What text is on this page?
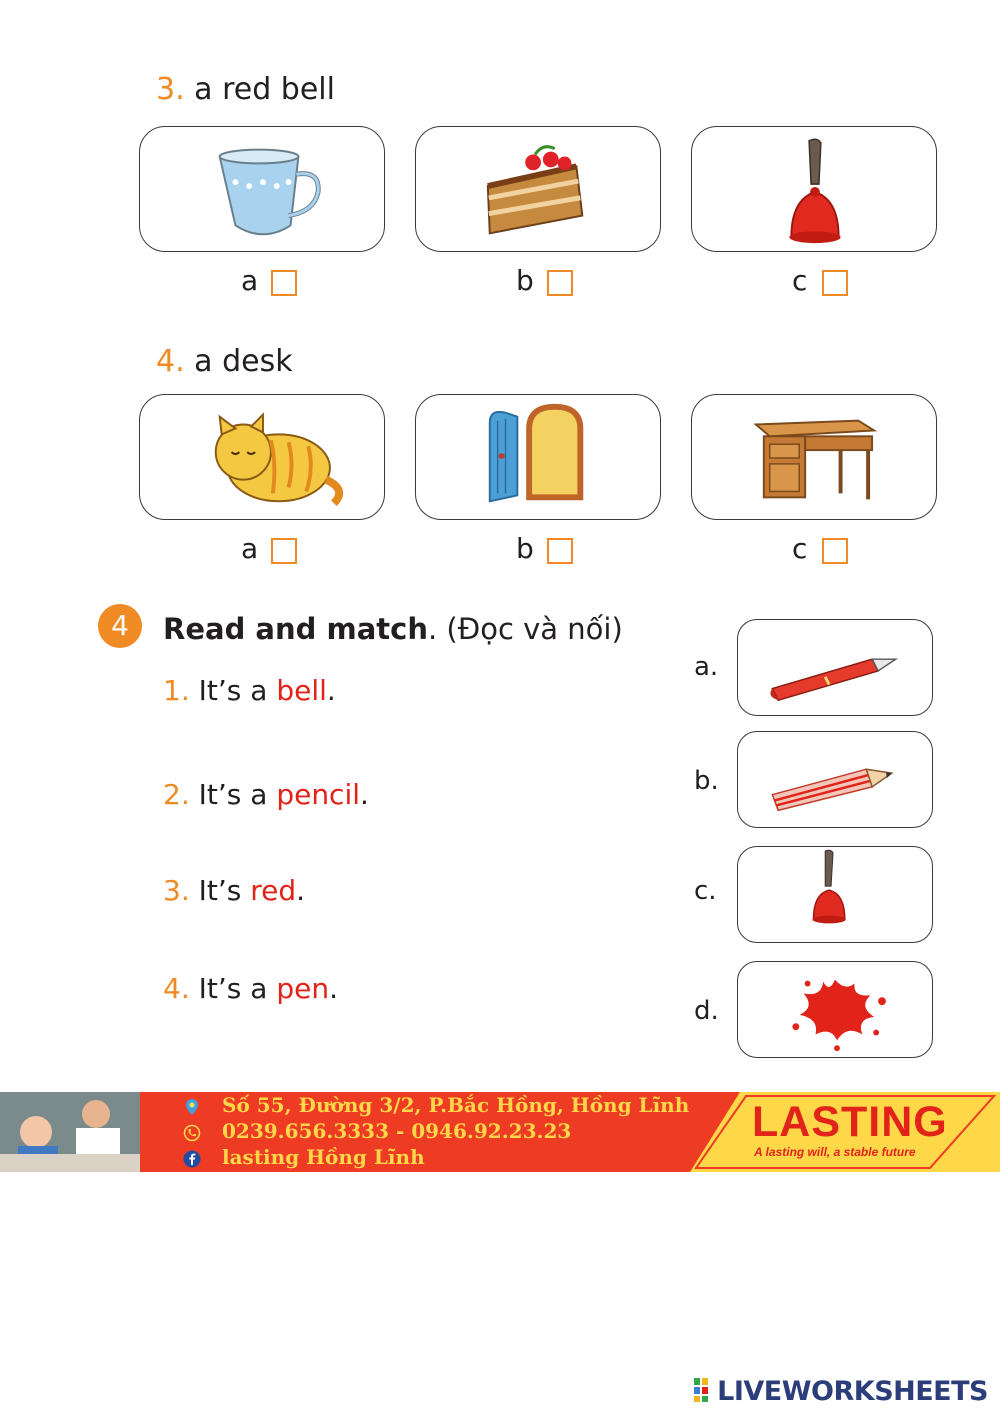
3. a red bell
a	b	c
4. a desk
a	b	c
4	Read and match. (Đọc và nối)
1. It’s a bell.
2. It’s a pencil.
3. It’s red.
4. It’s a pen.
a.
b.
c.
d.
Số 55, Đường 3/2, P.Bắc Hồng, Hồng Lĩnh
0239.656.3333 - 0946.92.23.23
lasting Hồng Lĩnh
LASTING
A lasting will, a stable future
LIVEWORKSHEETS
